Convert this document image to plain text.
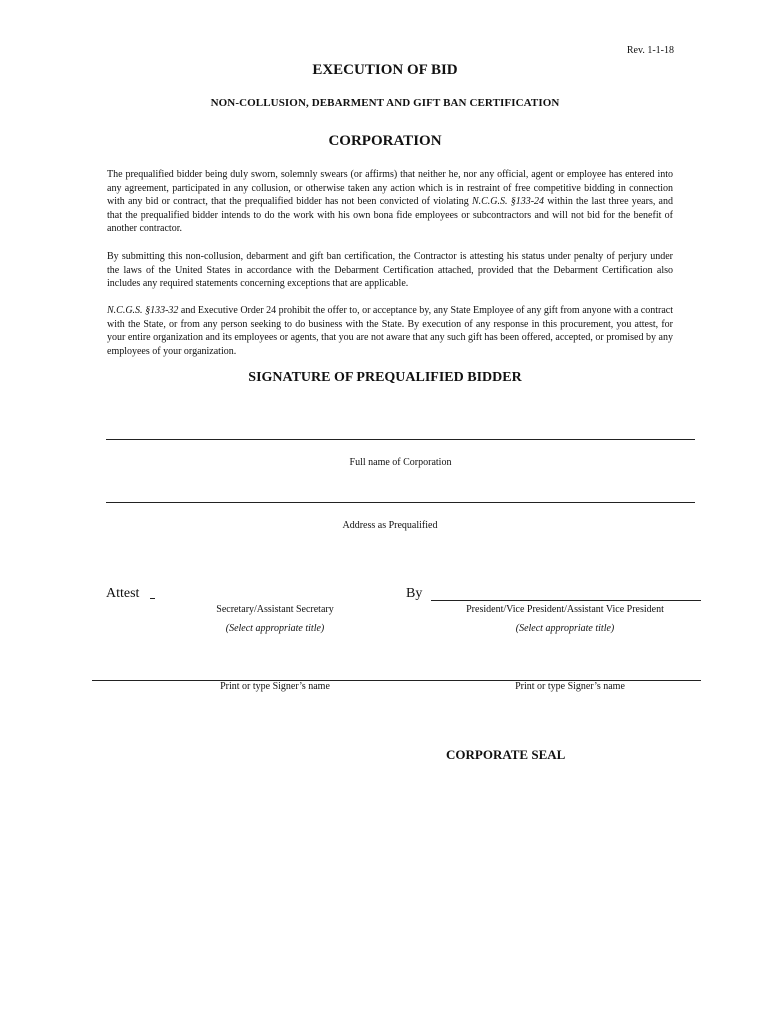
Rev. 1-1-18
EXECUTION OF BID
NON-COLLUSION, DEBARMENT AND GIFT BAN CERTIFICATION
CORPORATION
The prequalified bidder being duly sworn, solemnly swears (or affirms) that neither he, nor any official, agent or employee has entered into any agreement, participated in any collusion, or otherwise taken any action which is in restraint of free competitive bidding in connection with any bid or contract, that the prequalified bidder has not been convicted of violating N.C.G.S. §133-24 within the last three years, and that the prequalified bidder intends to do the work with his own bona fide employees or subcontractors and will not bid for the benefit of another contractor.
By submitting this non-collusion, debarment and gift ban certification, the Contractor is attesting his status under penalty of perjury under the laws of the United States in accordance with the Debarment Certification attached, provided that the Debarment Certification also includes any required statements concerning exceptions that are applicable.
N.C.G.S. §133-32 and Executive Order 24 prohibit the offer to, or acceptance by, any State Employee of any gift from anyone with a contract with the State, or from any person seeking to do business with the State. By execution of any response in this procurement, you attest, for your entire organization and its employees or agents, that you are not aware that any such gift has been offered, accepted, or promised by any employees of your organization.
SIGNATURE OF PREQUALIFIED BIDDER
Full name of Corporation
Address as Prequalified
Attest	By
Secretary/Assistant Secretary	President/Vice President/Assistant Vice President
(Select appropriate title)	(Select appropriate title)
Print or type Signer’s name	Print or type Signer’s name
CORPORATE SEAL
